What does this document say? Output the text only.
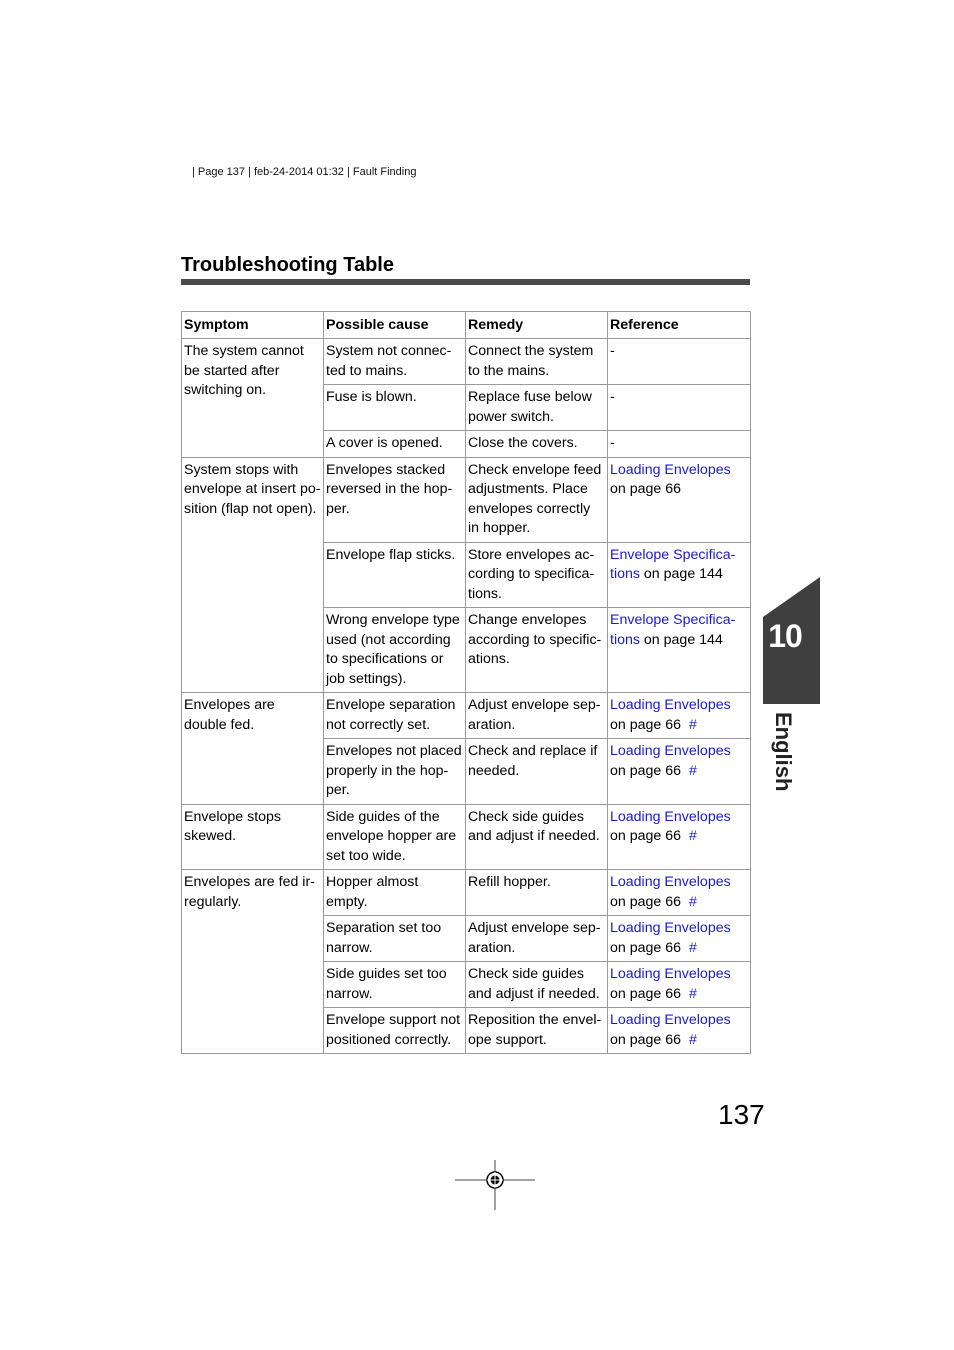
| Page 137 | feb-24-2014 01:32 | Fault Finding
Troubleshooting Table
Symptom	Possible cause	Remedy	Reference
The system cannot be started after switching on.	System not connec-ted to mains.	Connect the system to the mains.	-
	Fuse is blown.	Replace fuse below power switch.	-
	A cover is opened.	Close the covers.	-
System stops with envelope at insert po-sition (flap not open).	Envelopes stacked reversed in the hop-per.	Check envelope feed adjustments. Place envelopes correctly in hopper.	Loading Envelopes on page 66
	Envelope flap sticks.	Store envelopes ac-cording to specifica-tions.	Envelope Specifica-tions on page 144
	Wrong envelope type used (not according to specifications or job settings).	Change envelopes according to specific-ations.	Envelope Specifica-tions on page 144
Envelopes are double fed.	Envelope separation not correctly set.	Adjust envelope sep-aration.	Loading Envelopes on page 66 #
	Envelopes not placed properly in the hop-per.	Check and replace if needed.	Loading Envelopes on page 66 #
Envelope stops skewed.	Side guides of the envelope hopper are set too wide.	Check side guides and adjust if needed.	Loading Envelopes on page 66 #
Envelopes are fed ir-regularly.	Hopper almost empty.	Refill hopper.	Loading Envelopes on page 66 #
	Separation set too narrow.	Adjust envelope sep-aration.	Loading Envelopes on page 66 #
	Side guides set too narrow.	Check side guides and adjust if needed.	Loading Envelopes on page 66 #
	Envelope support not positioned correctly.	Reposition the envel-ope support.	Loading Envelopes on page 66 #
10
English
137
